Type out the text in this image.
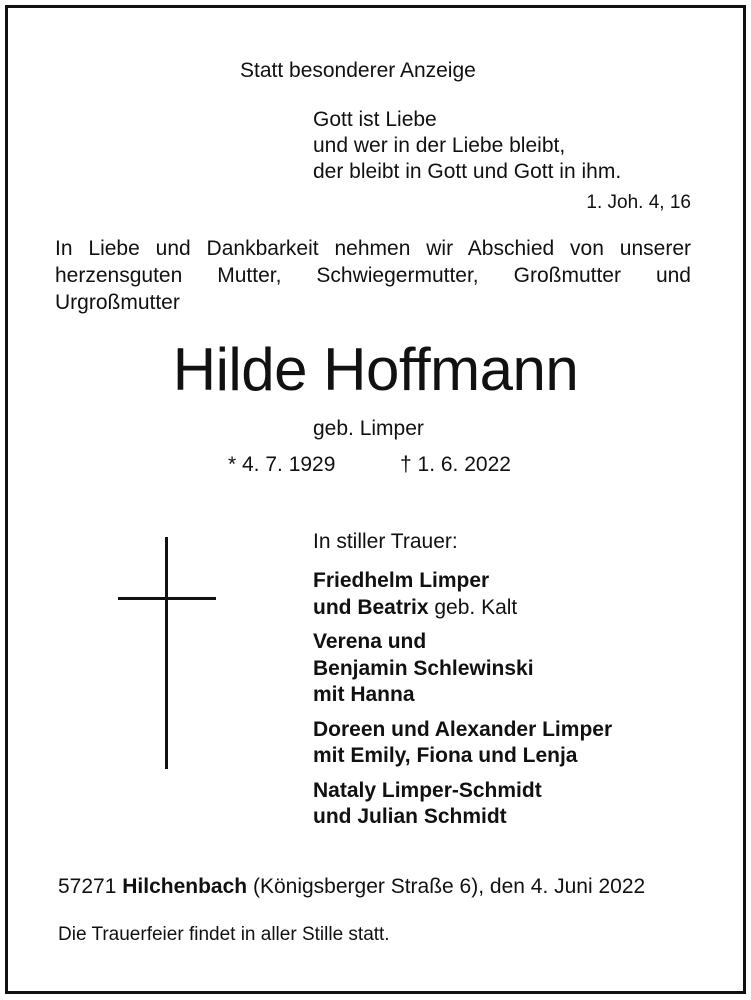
Statt besonderer Anzeige
Gott ist Liebe
und wer in der Liebe bleibt,
der bleibt in Gott und Gott in ihm.
1. Joh. 4, 16
In Liebe und Dankbarkeit nehmen wir Abschied von unserer herzensguten Mutter, Schwiegermutter, Großmutter und Urgroßmutter
Hilde Hoffmann
geb. Limper
* 4. 7. 1929	† 1. 6. 2022
In stiller Trauer:
Friedhelm Limper
und Beatrix geb. Kalt
Verena und
Benjamin Schlewinski
mit Hanna
Doreen und Alexander Limper
mit Emily, Fiona und Lenja
Nataly Limper-Schmidt
und Julian Schmidt
57271 Hilchenbach (Königsberger Straße 6), den 4. Juni 2022
Die Trauerfeier findet in aller Stille statt.
